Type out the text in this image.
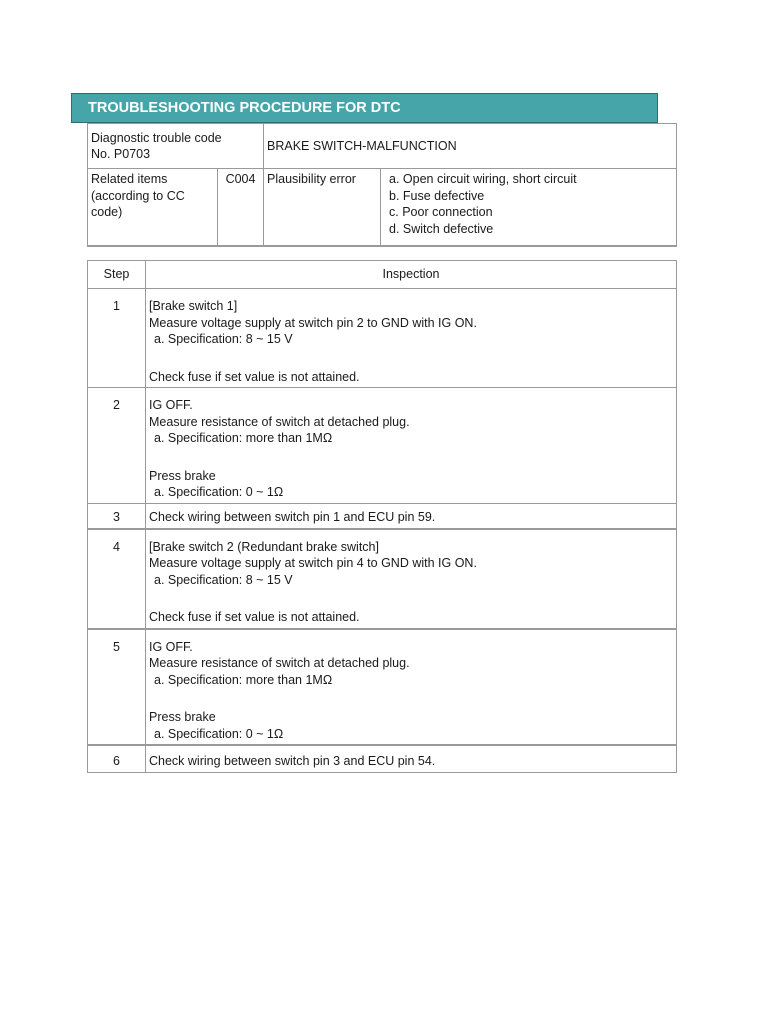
TROUBLESHOOTING PROCEDURE FOR DTC
Diagnostic trouble code
No. P0703		BRAKE SWITCH-MALFUNCTION	

Related items
(according to CC
code)	C004	Plausibility error	a. Open circuit wiring, short circuit
b. Fuse defective
c. Poor connection
d. Switch defective
Step	Inspection
1	[Brake switch 1]
Measure voltage supply at switch pin 2 to GND with IG ON.
a. Specification: 8 ~ 15 V
Check fuse if set value is not attained.

2	IG OFF.
Measure resistance of switch at detached plug.
a. Specification: more than 1MΩ
Press brake
a. Specification: 0 ~ 1Ω

3	Check wiring between switch pin 1 and ECU pin 59.

4	[Brake switch 2 (Redundant brake switch]
Measure voltage supply at switch pin 4 to GND with IG ON.
a. Specification: 8 ~ 15 V
Check fuse if set value is not attained.

5	IG OFF.
Measure resistance of switch at detached plug.
a. Specification: more than 1MΩ
Press brake
a. Specification: 0 ~ 1Ω

6	Check wiring between switch pin 3 and ECU pin 54.
